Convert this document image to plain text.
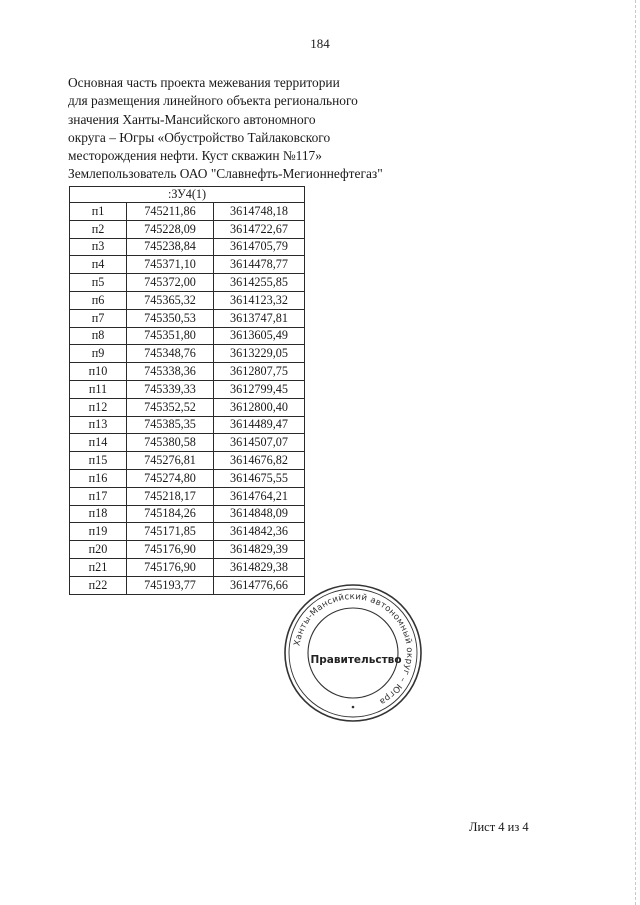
184

Основная часть проекта межевания территории
для размещения линейного объекта регионального
значения Ханты-Мансийского автономного
округа – Югры «Обустройство Тайлаковского
месторождения нефти. Куст скважин №117»
Землепользователь ОАО "Славнефть-Мегионнефтегаз"

:ЗУ4(1)		
п1	745211,86	3614748,18
п2	745228,09	3614722,67
п3	745238,84	3614705,79
п4	745371,10	3614478,77
п5	745372,00	3614255,85
п6	745365,32	3614123,32
п7	745350,53	3613747,81
п8	745351,80	3613605,49
п9	745348,76	3613229,05
п10	745338,36	3612807,75
п11	745339,33	3612799,45
п12	745352,52	3612800,40
п13	745385,35	3614489,47
п14	745380,58	3614507,07
п15	745276,81	3614676,82
п16	745274,80	3614675,55
п17	745218,17	3614764,21
п18	745184,26	3614848,09
п19	745171,85	3614842,36
п20	745176,90	3614829,39
п21	745176,90	3614829,38
п22	745193,77	3614776,66
Ханты-Мансийский автономный округ – Югра
Правительство
Лист 4 из 4
